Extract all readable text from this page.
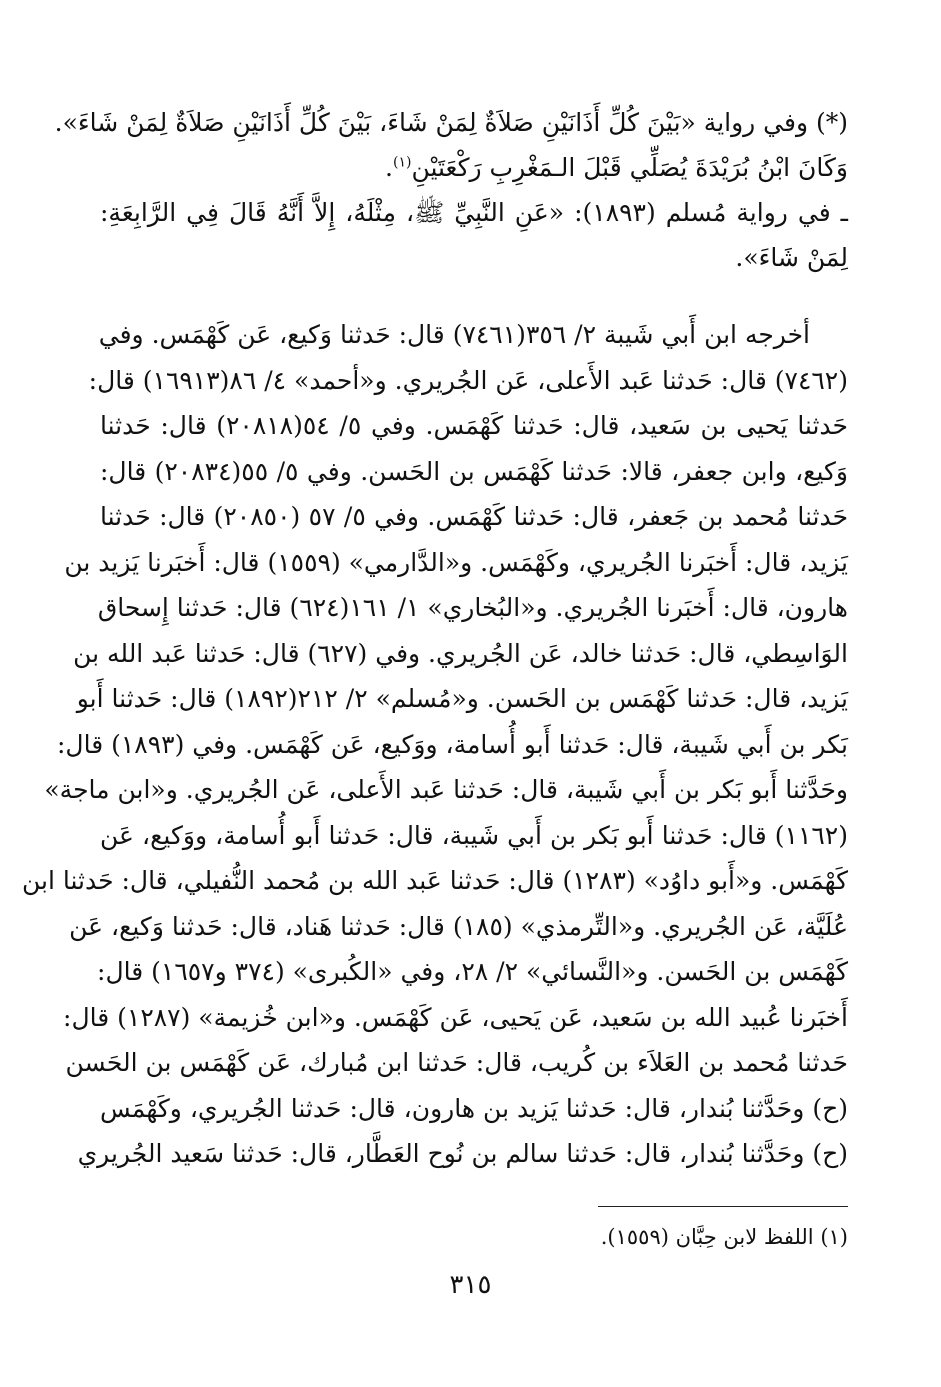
(*) وفي رواية «بَيْنَ كُلِّ أَذَانَيْنِ صَلاَةٌ لِمَنْ شَاءَ، بَيْنَ كُلِّ أَذَانَيْنِ صَلاَةٌ لِمَنْ شَاءَ».
وَكَانَ ابْنُ بُرَيْدَةَ يُصَلِّي قَبْلَ الـمَغْرِبِ رَكْعَتَيْنِ$^{(١)}$.
ـ في رواية مُسلم (١٨٩٣): «عَنِ النَّبِيِّ ﷺ، مِثْلَهُ، إِلاَّ أَنَّهُ قَالَ فِي الرَّابِعَةِ:
لِمَنْ شَاءَ».
أخرجه ابن أَبي شَيبة ٢/ ٣٥٦(٧٤٦١) قال: حَدثنا وَكيع، عَن كَهْمَس. وفي
(٧٤٦٢) قال: حَدثنا عَبد الأَعلى، عَن الجُريري. و«أحمد» ٤/ ٨٦(١٦٩١٣) قال:
حَدثنا يَحيى بن سَعيد، قال: حَدثنا كَهْمَس. وفي ٥/ ٥٤(٢٠٨١٨) قال: حَدثنا
وَكيع، وابن جعفر، قالا: حَدثنا كَهْمَس بن الحَسن. وفي ٥/ ٥٥(٢٠٨٣٤) قال:
حَدثنا مُحمد بن جَعفر، قال: حَدثنا كَهْمَس. وفي ٥/ ٥٧ (٢٠٨٥٠) قال: حَدثنا
يَزيد، قال: أَخبَرنا الجُريري، وكَهْمَس. و«الدَّارمي» (١٥٥٩) قال: أَخبَرنا يَزيد بن
هارون، قال: أَخبَرنا الجُريري. و«البُخاري» ١/ ١٦١(٦٢٤) قال: حَدثنا إِسحاق
الوَاسِطي، قال: حَدثنا خالد، عَن الجُريري. وفي (٦٢٧) قال: حَدثنا عَبد الله بن
يَزيد، قال: حَدثنا كَهْمَس بن الحَسن. و«مُسلم» ٢/ ٢١٢(١٨٩٢) قال: حَدثنا أَبو
بَكر بن أَبي شَيبة، قال: حَدثنا أَبو أُسامة، ووَكيع، عَن كَهْمَس. وفي (١٨٩٣) قال:
وحَدَّثنا أَبو بَكر بن أَبي شَيبة، قال: حَدثنا عَبد الأَعلى، عَن الجُريري. و«ابن ماجة»
(١١٦٢) قال: حَدثنا أَبو بَكر بن أَبي شَيبة، قال: حَدثنا أَبو أُسامة، ووَكيع، عَن
كَهْمَس. و«أَبو داوُد» (١٢٨٣) قال: حَدثنا عَبد الله بن مُحمد النُّفيلي، قال: حَدثنا ابن
عُلَيَّة، عَن الجُريري. و«التِّرمذي» (١٨٥) قال: حَدثنا هَناد، قال: حَدثنا وَكيع، عَن
كَهْمَس بن الحَسن. و«النَّسائي» ٢/ ٢٨، وفي «الكُبرى» (٣٧٤ و١٦٥٧) قال:
أَخبَرنا عُبيد الله بن سَعيد، عَن يَحيى، عَن كَهْمَس. و«ابن خُزيمة» (١٢٨٧) قال:
حَدثنا مُحمد بن العَلاَء بن كُريب، قال: حَدثنا ابن مُبارك، عَن كَهْمَس بن الحَسن
(ح) وحَدَّثنا بُندار، قال: حَدثنا يَزيد بن هارون، قال: حَدثنا الجُريري، وكَهْمَس
(ح) وحَدَّثنا بُندار، قال: حَدثنا سالم بن نُوح العَطَّار، قال: حَدثنا سَعيد الجُريري
(١) اللفظ لابن حِبَّان (١٥٥٩).
٣١٥
